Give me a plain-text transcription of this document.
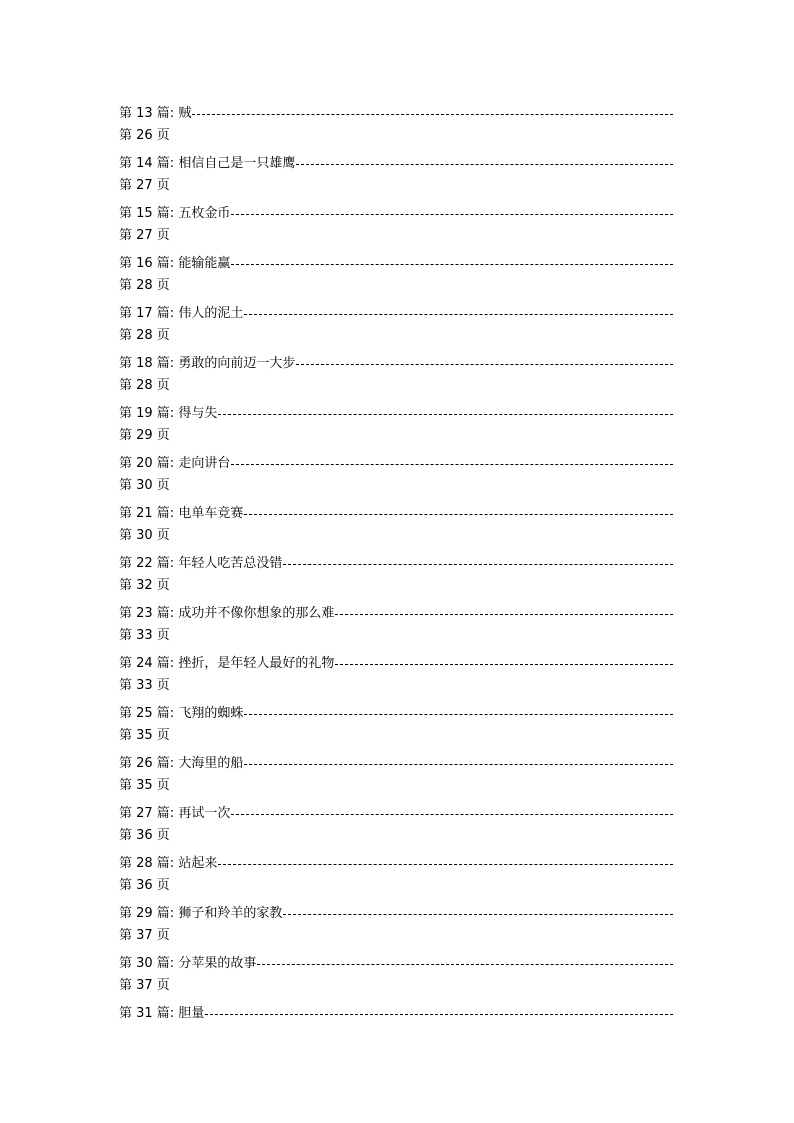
第 13 篇: 贼
第 26 页
第 14 篇: 相信自己是一只雄鹰
第 27 页
第 15 篇: 五枚金币
第 27 页
第 16 篇: 能输能赢
第 28 页
第 17 篇: 伟人的泥土
第 28 页
第 18 篇: 勇敢的向前迈一大步
第 28 页
第 19 篇: 得与失
第 29 页
第 20 篇: 走向讲台
第 30 页
第 21 篇: 电单车竞赛
第 30 页
第 22 篇: 年轻人吃苦总没错
第 32 页
第 23 篇: 成功并不像你想象的那么难
第 33 页
第 24 篇: 挫折，是年轻人最好的礼物
第 33 页
第 25 篇: 飞翔的蜘蛛
第 35 页
第 26 篇: 大海里的船
第 35 页
第 27 篇: 再试一次
第 36 页
第 28 篇: 站起来
第 36 页
第 29 篇: 狮子和羚羊的家教
第 37 页
第 30 篇: 分苹果的故事
第 37 页
第 31 篇: 胆量
